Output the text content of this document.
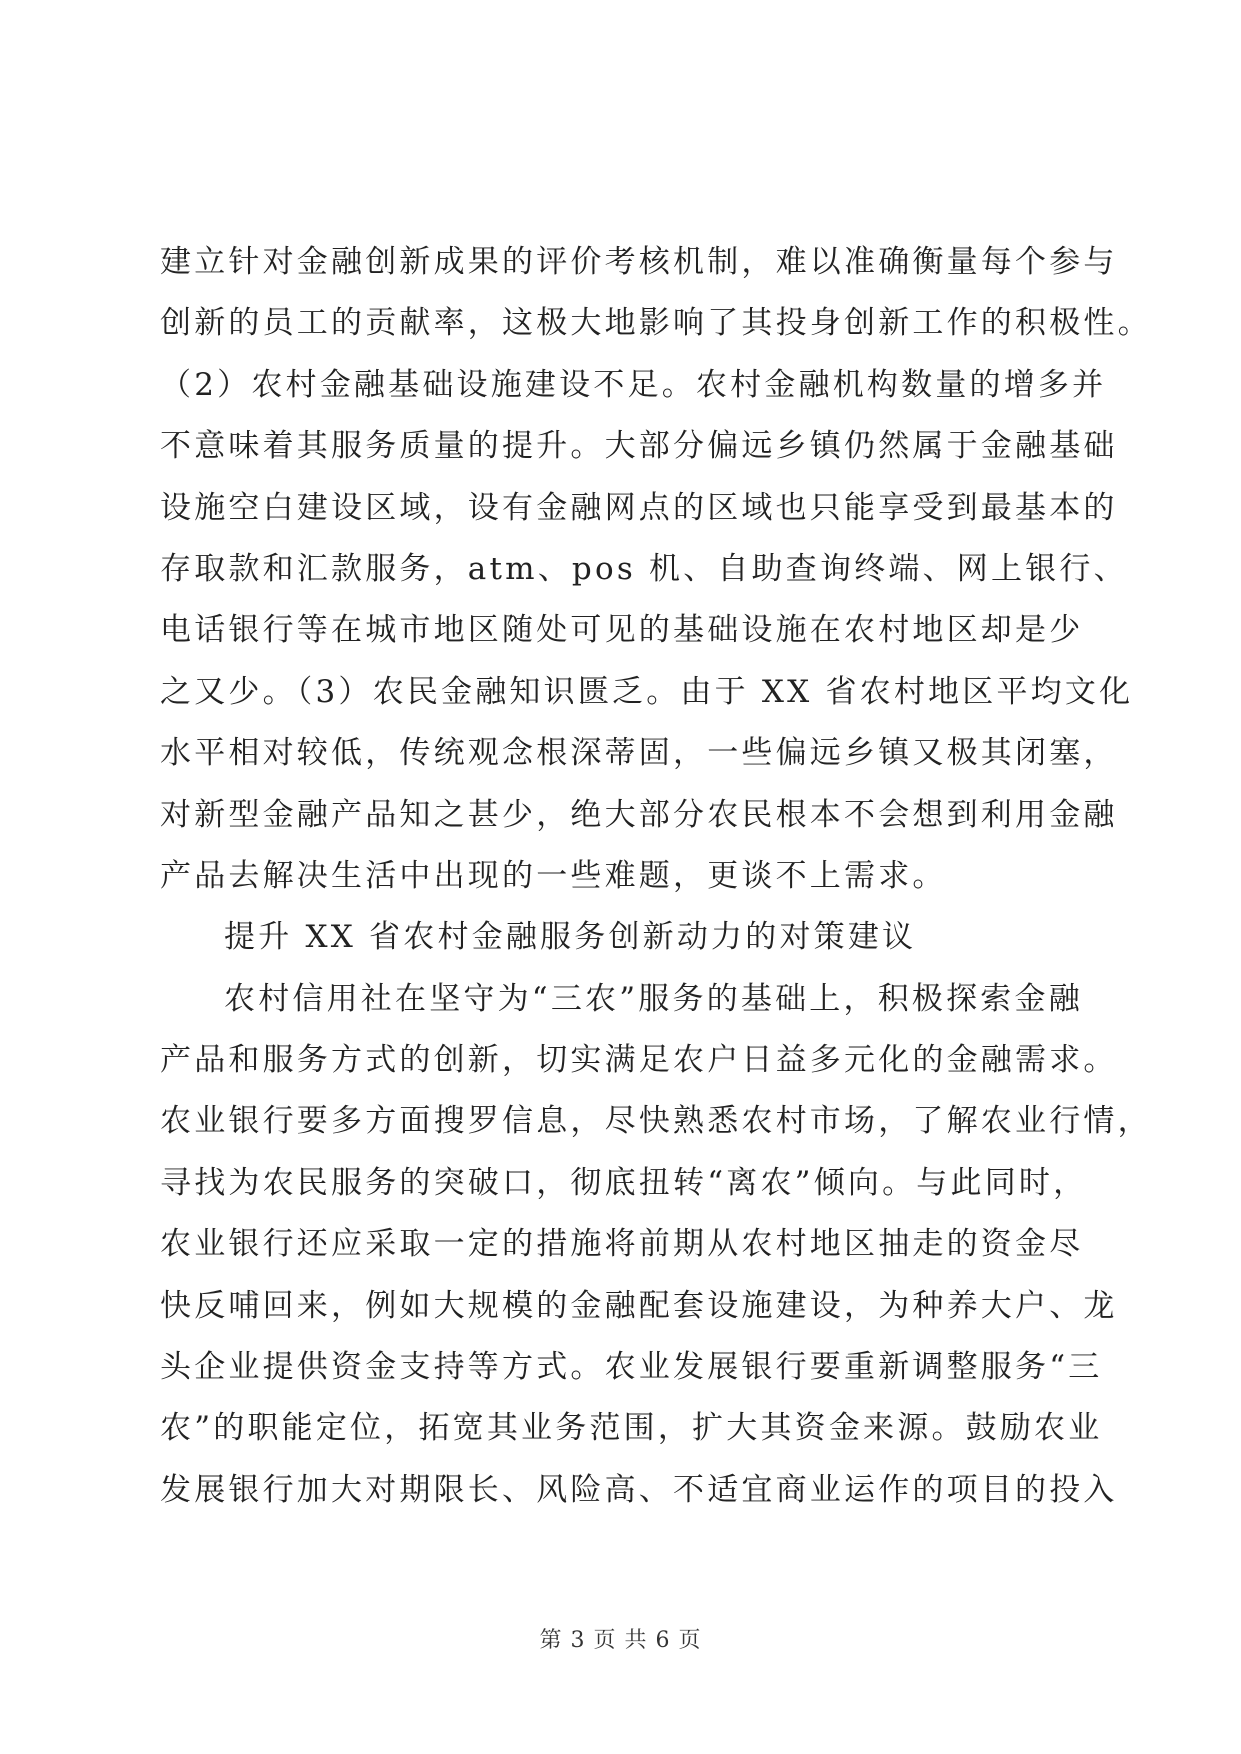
建立针对金融创新成果的评价考核机制，难以准确衡量每个参与
创新的员工的贡献率，这极大地影响了其投身创新工作的积极性。
（2）农村金融基础设施建设不足。农村金融机构数量的增多并
不意味着其服务质量的提升。大部分偏远乡镇仍然属于金融基础
设施空白建设区域，设有金融网点的区域也只能享受到最基本的
存取款和汇款服务，atm、pos 机、自助查询终端、网上银行、
电话银行等在城市地区随处可见的基础设施在农村地区却是少
之又少。（3）农民金融知识匮乏。由于 XX 省农村地区平均文化
水平相对较低，传统观念根深蒂固，一些偏远乡镇又极其闭塞，
对新型金融产品知之甚少，绝大部分农民根本不会想到利用金融
产品去解决生活中出现的一些难题，更谈不上需求。
提升 XX 省农村金融服务创新动力的对策建议
农村信用社在坚守为“三农”服务的基础上，积极探索金融
产品和服务方式的创新，切实满足农户日益多元化的金融需求。
农业银行要多方面搜罗信息，尽快熟悉农村市场，了解农业行情，
寻找为农民服务的突破口，彻底扭转“离农”倾向。与此同时，
农业银行还应采取一定的措施将前期从农村地区抽走的资金尽
快反哺回来，例如大规模的金融配套设施建设，为种养大户、龙
头企业提供资金支持等方式。农业发展银行要重新调整服务“三
农”的职能定位，拓宽其业务范围，扩大其资金来源。鼓励农业
发展银行加大对期限长、风险高、不适宜商业运作的项目的投入
第 3 页 共 6 页
